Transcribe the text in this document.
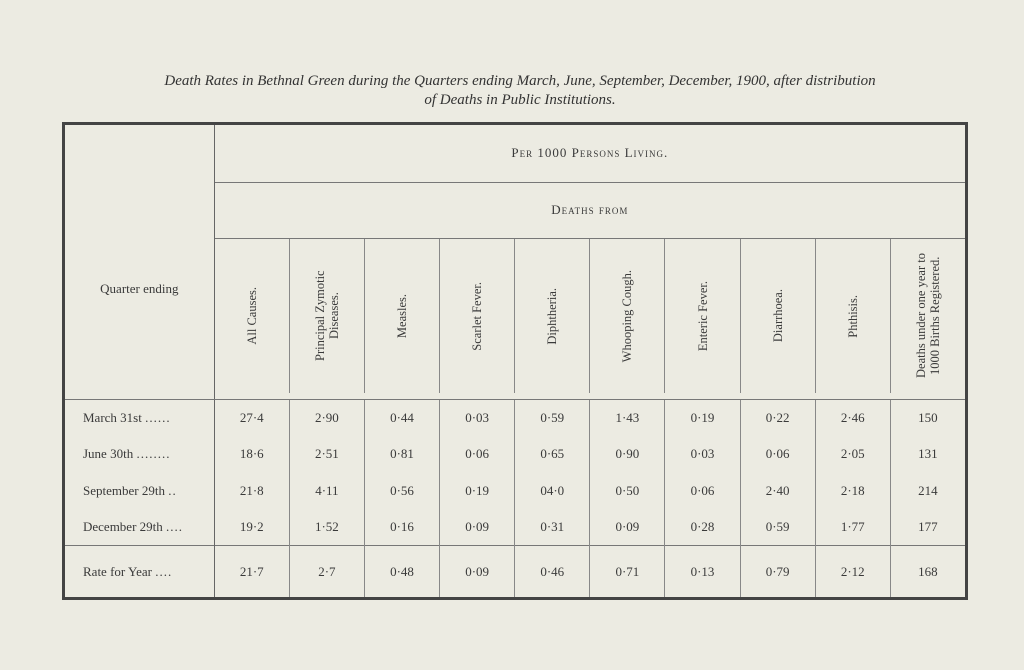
Death Rates in Bethnal Green during the Quarters ending March, June, September, December, 1900, after distribution
of Deaths in Public Institutions.
Quarter ending	Per 1000 Persons Living.									
	Deaths from									

	All Causes.	Principal Zymotic Diseases.	Measles.	Scarlet Fever.	Diphtheria.	Whooping Cough.	Enteric Fever.	Diarrhoea.	Phthisis.	Deaths under one year to 1000 Births Registered.

March 31st ......	27·4	2·90	0·44	0·03	0·59	1·43	0·19	0·22	2·46	150
June 30th ........	18·6	2·51	0·81	0·06	0·65	0·90	0·03	0·06	2·05	131
September 29th ..	21·8	4·11	0·56	0·19	04·0	0·50	0·06	2·40	2·18	214
December 29th ....	19·2	1·52	0·16	0·09	0·31	0·09	0·28	0·59	1·77	177
Rate for Year ....	21·7	2·7	0·48	0·09	0·46	0·71	0·13	0·79	2·12	168
